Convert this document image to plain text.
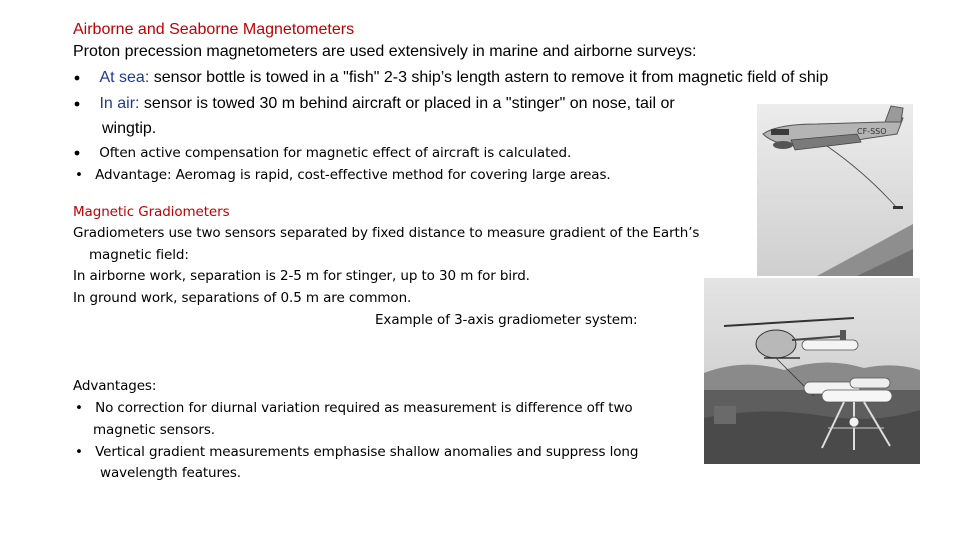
Airborne and Seaborne Magnetometers
Proton precession magnetometers are used extensively in marine and airborne surveys:
At sea: sensor bottle is towed in a "fish" 2-3 ship’s length astern to remove it from magnetic field of ship
In air: sensor is towed 30 m behind aircraft or placed in a "stinger" on nose, tail or
wingtip.
Often active compensation for magnetic effect of aircraft is calculated.
• Advantage: Aeromag is rapid, cost-effective method for covering large areas.
Magnetic Gradiometers
Gradiometers use two sensors separated by fixed distance to measure gradient of the Earth’s
magnetic field:
In airborne work, separation is 2-5 m for stinger, up to 30 m for bird.
In ground work, separations of 0.5 m are common.
Example of 3-axis gradiometer system:
Advantages:
• No correction for diurnal variation required as measurement is difference off two
magnetic sensors.
• Vertical gradient measurements emphasise shallow anomalies and suppress long
wavelength features.
CF-SSO
